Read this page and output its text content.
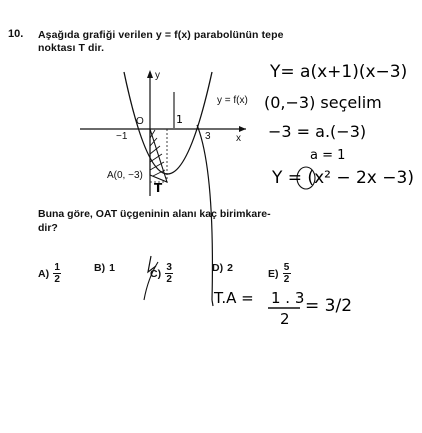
10. Aşağıda grafiği verilen y = f(x) parabolünün tepe
noktası T dir.
y
x
O
−1	3
y = f(x)
A(0, −3)
T
1
Y= a(x+1)(x−3)
(0,−3) seçelim
−3 = a.(−3)
a = 1
Y = (x² − 2x −3)
Buna göre, OAT üçgeninin alanı kaç birimkare-
dir?
$A) \frac{1}{2}$	B) 1	$C) \frac{3}{2}$	D) 2	$E) \frac{5}{2}$
T.A = 1 . 3
2
= 3/2
